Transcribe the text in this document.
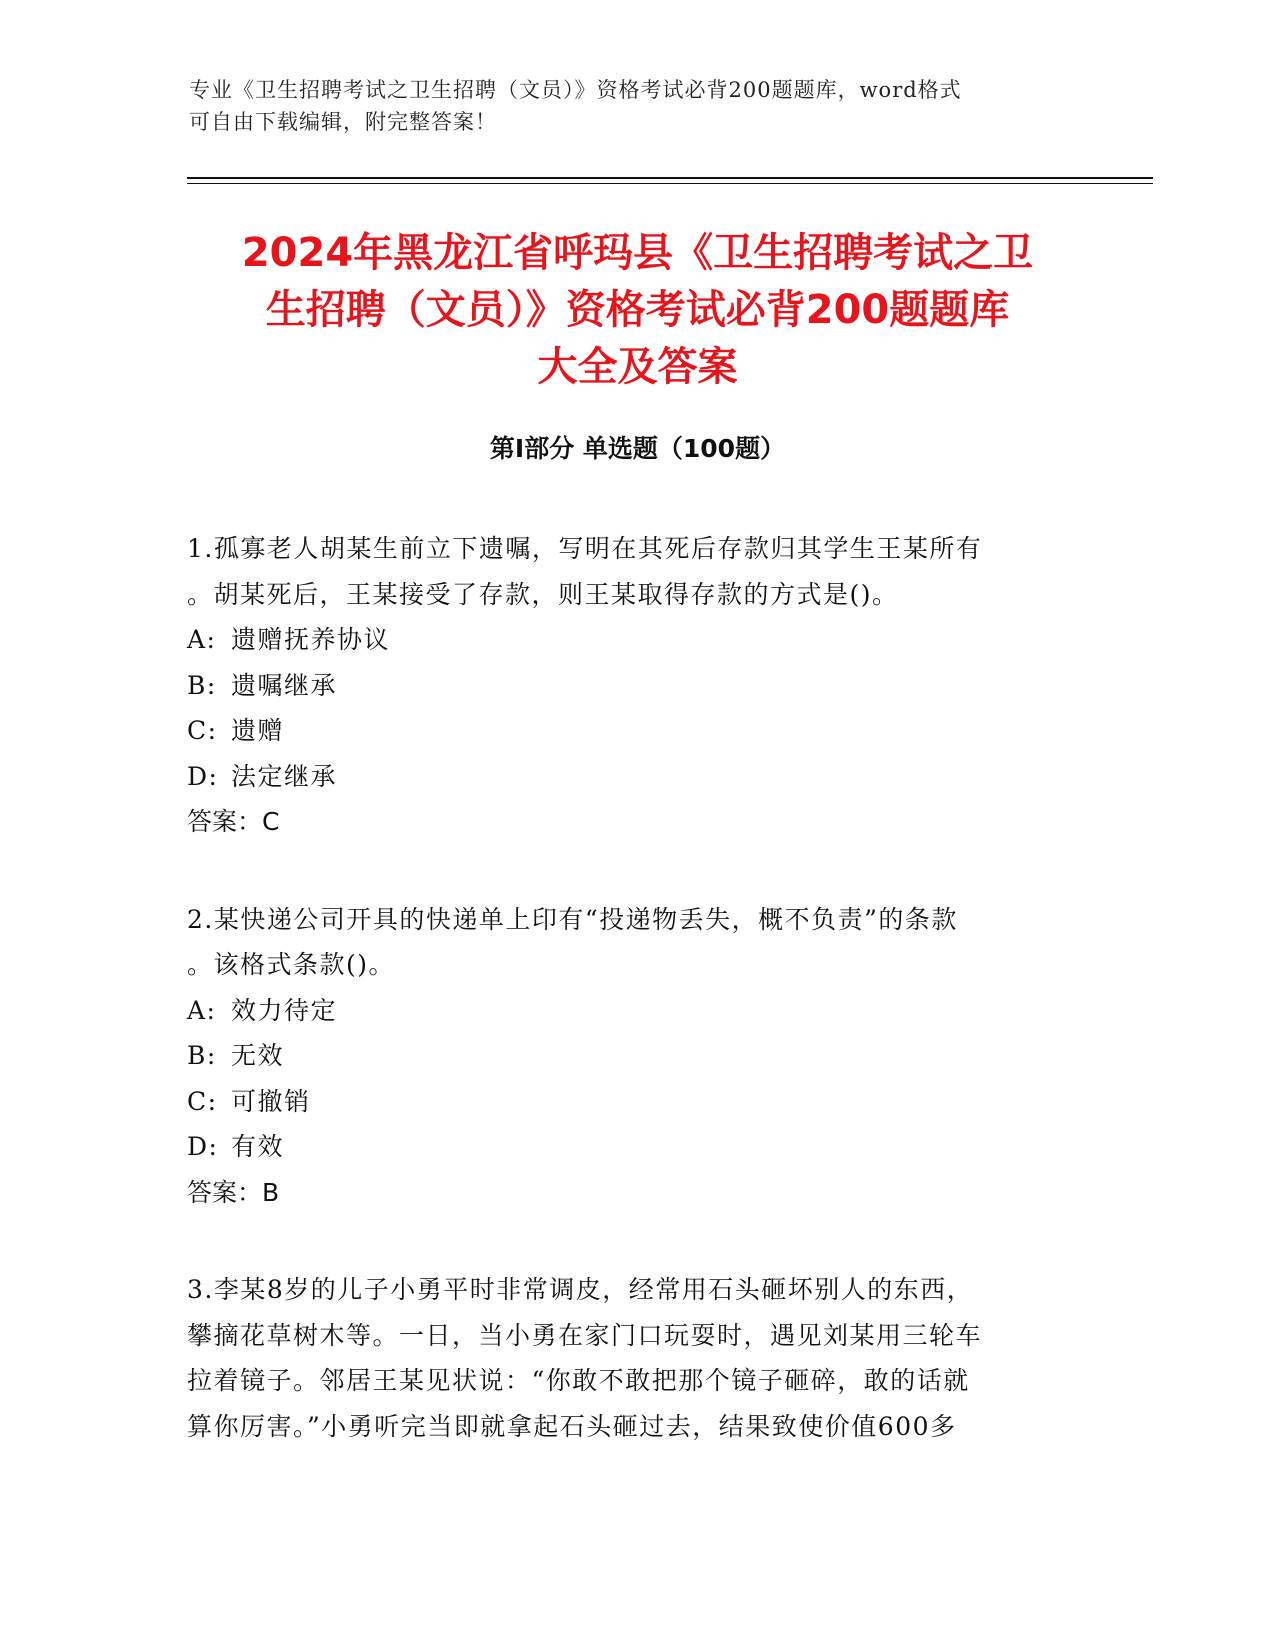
专业《卫生招聘考试之卫生招聘（文员）》资格考试必背200题题库，word格式
可自由下载编辑，附完整答案！
2024年黑龙江省呼玛县《卫生招聘考试之卫
生招聘（文员）》资格考试必背200题题库
大全及答案
第Ⅰ部分 单选题（100题）
1.孤寡老人胡某生前立下遗嘱，写明在其死后存款归其学生王某所有
。胡某死后，王某接受了存款，则王某取得存款的方式是()。
A: 遗赠抚养协议
B: 遗嘱继承
C: 遗赠
D: 法定继承
答案：C
2.某快递公司开具的快递单上印有“投递物丢失，概不负责”的条款
。该格式条款()。
A: 效力待定
B: 无效
C: 可撤销
D: 有效
答案：B
3.李某8岁的儿子小勇平时非常调皮，经常用石头砸坏别人的东西，
攀摘花草树木等。一日，当小勇在家门口玩耍时，遇见刘某用三轮车
拉着镜子。邻居王某见状说：“你敢不敢把那个镜子砸碎，敢的话就
算你厉害。”小勇听完当即就拿起石头砸过去，结果致使价值600多
